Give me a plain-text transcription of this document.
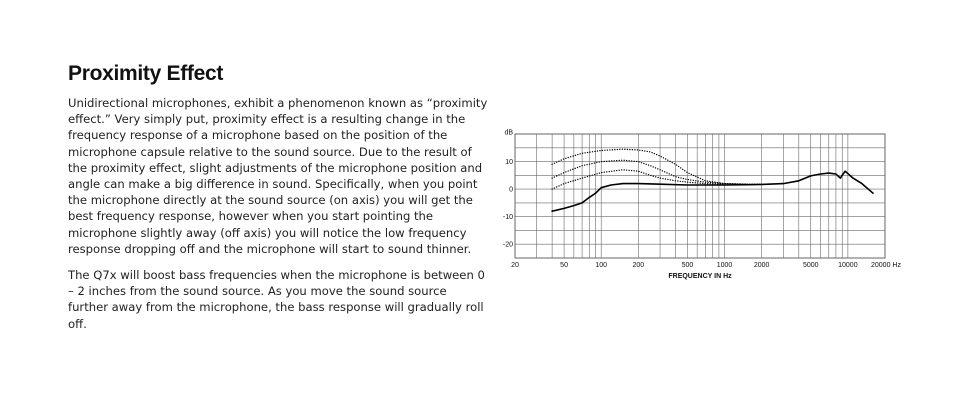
Proximity Effect

Unidirectional microphones, exhibit a phenomenon known as “proximity effect.” Very simply put, proximity effect is a resulting change in the frequency response of a microphone based on the position of the microphone capsule relative to the sound source. Due to the result of the proximity effect, slight adjustments of the microphone position and angle can make a big difference in sound. Specifically, when you point the microphone directly at the sound source (on axis) you will get the best frequency response, however when you start pointing the microphone slightly away (off axis) you will notice the low frequency response dropping off and the microphone will start to sound thinner.

The Q7x will boost bass frequencies when the microphone is between 0 – 2 inches from the sound source. As you move the sound source further away from the microphone, the bass response will gradually roll off.

20	50	100	200	500	1000	2000	5000	10000 20000 Hz
10
0
-10
-20
dB
FREQUENCY IN Hz
